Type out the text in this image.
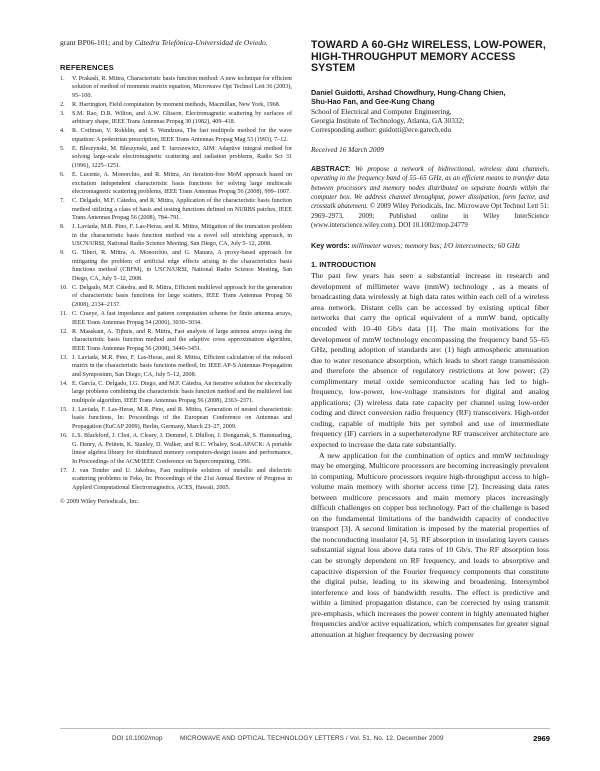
grant BP06-101; and by Cátedra Telefónica-Universidad de Oviedo.

REFERENCES
1. V. Prakash, R. Mittra, Characteristic basis function method: A new technique for efficient solution of method of moments matrix equation, Microwave Opt Technol Lett 36 (2003), 95–100.
2. R. Harrington, Field computation by moment methods, Macmillan, New York, 1968.
3. S.M. Rao, D.R. Wilton, and A.W. Glisson, Electromagnetic scattering by surfaces of arbitrary shape, IEEE Trans Antennas Propag 30 (1982), 409–418.
4. R. Coifman, V. Rokhlin, and S. Wandzura, The fast multipole method for the wave equation: A pedestrian prescription, IEEE Trans Antennas Propag Mag 53 (1993), 7–12.
5. E. Bleszynski, M. Bleszynski, and T. Jaroszewicz, AIM: Adaptive integral method for solving large-scale electromagnetic scattering and radiation problems, Radio Sci 31 (1996), 1225–1251.
6. E. Lucente, A. Monorchio, and R. Mittra, An iteration-free MoM approach based on excitation independent characteristic basis functions for solving large multiscale electromagnetic scattering problems, IEEE Trans Antennas Propag 56 (2008), 999–1007.
7. C. Delgado, M.F. Cátedra, and R. Mittra, Application of the characteristic basis function method utilizing a class of basis and testing functions defined on NURBS patches, IEEE Trans Antennas Propag 56 (2008), 784–791.
8. J. Laviada, M.R. Pino, F. Las-Heras, and R. Mittra, Mitigation of the truncation problem in the characteristic basis function method via a novel cell stretching approach, in USCN/URSI, National Radio Science Meeting, San Diego, CA, July 5–12, 2008.
9. G. Tiberi, R. Mittra, A. Monorchio, and G. Manara, A proxy-based approach for mitigating the problem of artificial edge effects arising in the characteristics basis functions method (CBFM), in USCN/URSI, National Radio Science Meeting, San Diego, CA, July 5–12, 2008.
10. C. Delgado, M.F. Cátedra, and R. Mittra, Efficient multilevel approach for the generation of characteristic basis functions for large scatters, IEEE Trans Antennas Propag 56 (2008), 2134–2137.
11. C. Craeye, A fast impedance and pattern computation scheme for finite antenna arrays, IEEE Trans Antennas Propag 54 (2006), 3030–3034.
12. R. Maaskant, A. Tijhuis, and R. Mittra, Fast analysis of large antenna arrays using the characteristic basis function method and the adaptive cross approximation algorithm, IEEE Trans Antennas Propag 56 (2008), 3440–3451.
13. J. Laviada, M.R. Pino, F. Las-Heras, and R. Mittra, Efficient calculation of the reduced matrix in the characteristic basis functions method, In: IEEE AP-S Antennas Propagation and Symposium, San Diego, CA, July 5–12, 2008.
14. E. García, C. Delgado, I.G. Diego, and M.F. Cátedra, An iterative solution for electrically large problems combining the characteristic basis function method and the multilevel fast multipole algorithm, IEEE Trans Antennas Propag 56 (2008), 2363–2371.
15. J. Laviada, F. Las-Heras, M.R. Pino, and R. Mittra, Generation of nested characteristic basis functions, In: Proceedings of the European Conference on Antennas and Propagation (EuCAP 2009), Berlin, Germany, March 23–27, 2009.
16. L.S. Blackford, J. Choi, A. Cleary, J. Demmel, I. Dhillon, J. Dongarrak, S. Hammarling, G. Henry, A. Petitets, K. Stanley, D. Walker, and R.C. Whaley, ScaLAPACK: A portable linear algebra library for distributed memory computers-design issues and performance, In Proceedings of the ACM/IEEE Conference on Supercomputing, 1996.
17. J. van Tonder and U. Jakobus, Fast multipole solution of metallic and dielectric scattering problems in Feko, In: Proceedings of the 21st Annual Review of Progress in Applied Computational Electromagnetics, ACES, Hawaii, 2005.
© 2009 Wiley Periodicals, Inc.
TOWARD A 60-GHz WIRELESS, LOW-POWER, HIGH-THROUGHPUT MEMORY ACCESS SYSTEM
Daniel Guidotti, Arshad Chowdhury, Hung-Chang Chien,
Shu-Hao Fan, and Gee-Kung Chang
School of Electrical and Computer Engineering,
Georgia Institute of Technology, Atlanta, GA 30332;
Corresponding author: guidotti@ece.gatech.edu
Received 16 March 2009

ABSTRACT: We propose a network of bidirectional, wireless data channels, operating in the frequency band of 55–65 GHz, as an efficient means to transfer data between processors and memory nodes distributed on separate boards within the computer box. We address channel throughput, power dissipation, form factor, and crosstalk abatement. © 2009 Wiley Periodicals, Inc. Microwave Opt Technol Lett 51: 2969–2973, 2009; Published online in Wiley InterScience (www.interscience.wiley.com). DOI 10.1002/mop.24779

Key words: millimeter waves; memory bus; I/O interconnects; 60 GHz

1. INTRODUCTION

The past few years has seen a substantial increase in research and development of millimeter wave (mmW) technology , as a means of broadcasting data wirelessly at high data rates within each cell of a wireless area network. Distant cells can be accessed by existing optical fiber networks that carry the optical equivalent of a mmW band, optically encoded with 10–40 Gb/s data [1]. The main motivations for the development of mmW technology encompassing the frequency band 55–65 GHz, pending adoption of standards are: (1) high atmospheric attenuation due to water resonance absorption, which leads to short range transmission and therefore the absence of regulatory restrictions at low power; (2) complimentary metal oxide semiconductor scaling has led to high-frequency, low-power, low-voltage transistors for digital and analog applications; (3) wireless data rate capacity per channel using low-order coding and direct conversion radio frequency (RF) transceivers. High-order coding, capable of multiple bits per symbol and use of intermediate frequency (IF) carriers in a superheterodyne RF transceiver architecture are expected to increase the data rate substantially.

A new application for the combination of optics and mmW technology may be emerging. Multicore processors are becoming increasingly prevalent in computing. Multicore processors require high-throughput access to high-volume main memory with shorter access time [2]. Increasing data rates between multicore processors and main memory places increasingly difficult challenges on copper bus technology. Part of the challenge is based on the fundamental limitations of the bandwidth capacity of conductive transport [3]. A second limitation is imposed by the material properties of the nonconducting insulator [4, 5]. RF absorption in insulating layers causes substantial signal loss above data rates of 10 Gb/s. The RF absorption loss can be strongly dependent on RF frequency, and leads to absorptive and capacitive dispersion of the Fourier frequency components that constitute the digital pulse, leading to its skewing and broadening. Intersymbol interference and loss of bandwidth results. The effect is predictive and within a limited propagation distance, can be corrected by using transmit pre-emphasis, which increases the power content in highly attenuated higher frequencies and/or active equalization, which compensates for greater signal attenuation at higher frequency by decreasing power

DOI 10.1002/mop	MICROWAVE AND OPTICAL TECHNOLOGY LETTERS / Vol. 51, No. 12, December 2009	2969
